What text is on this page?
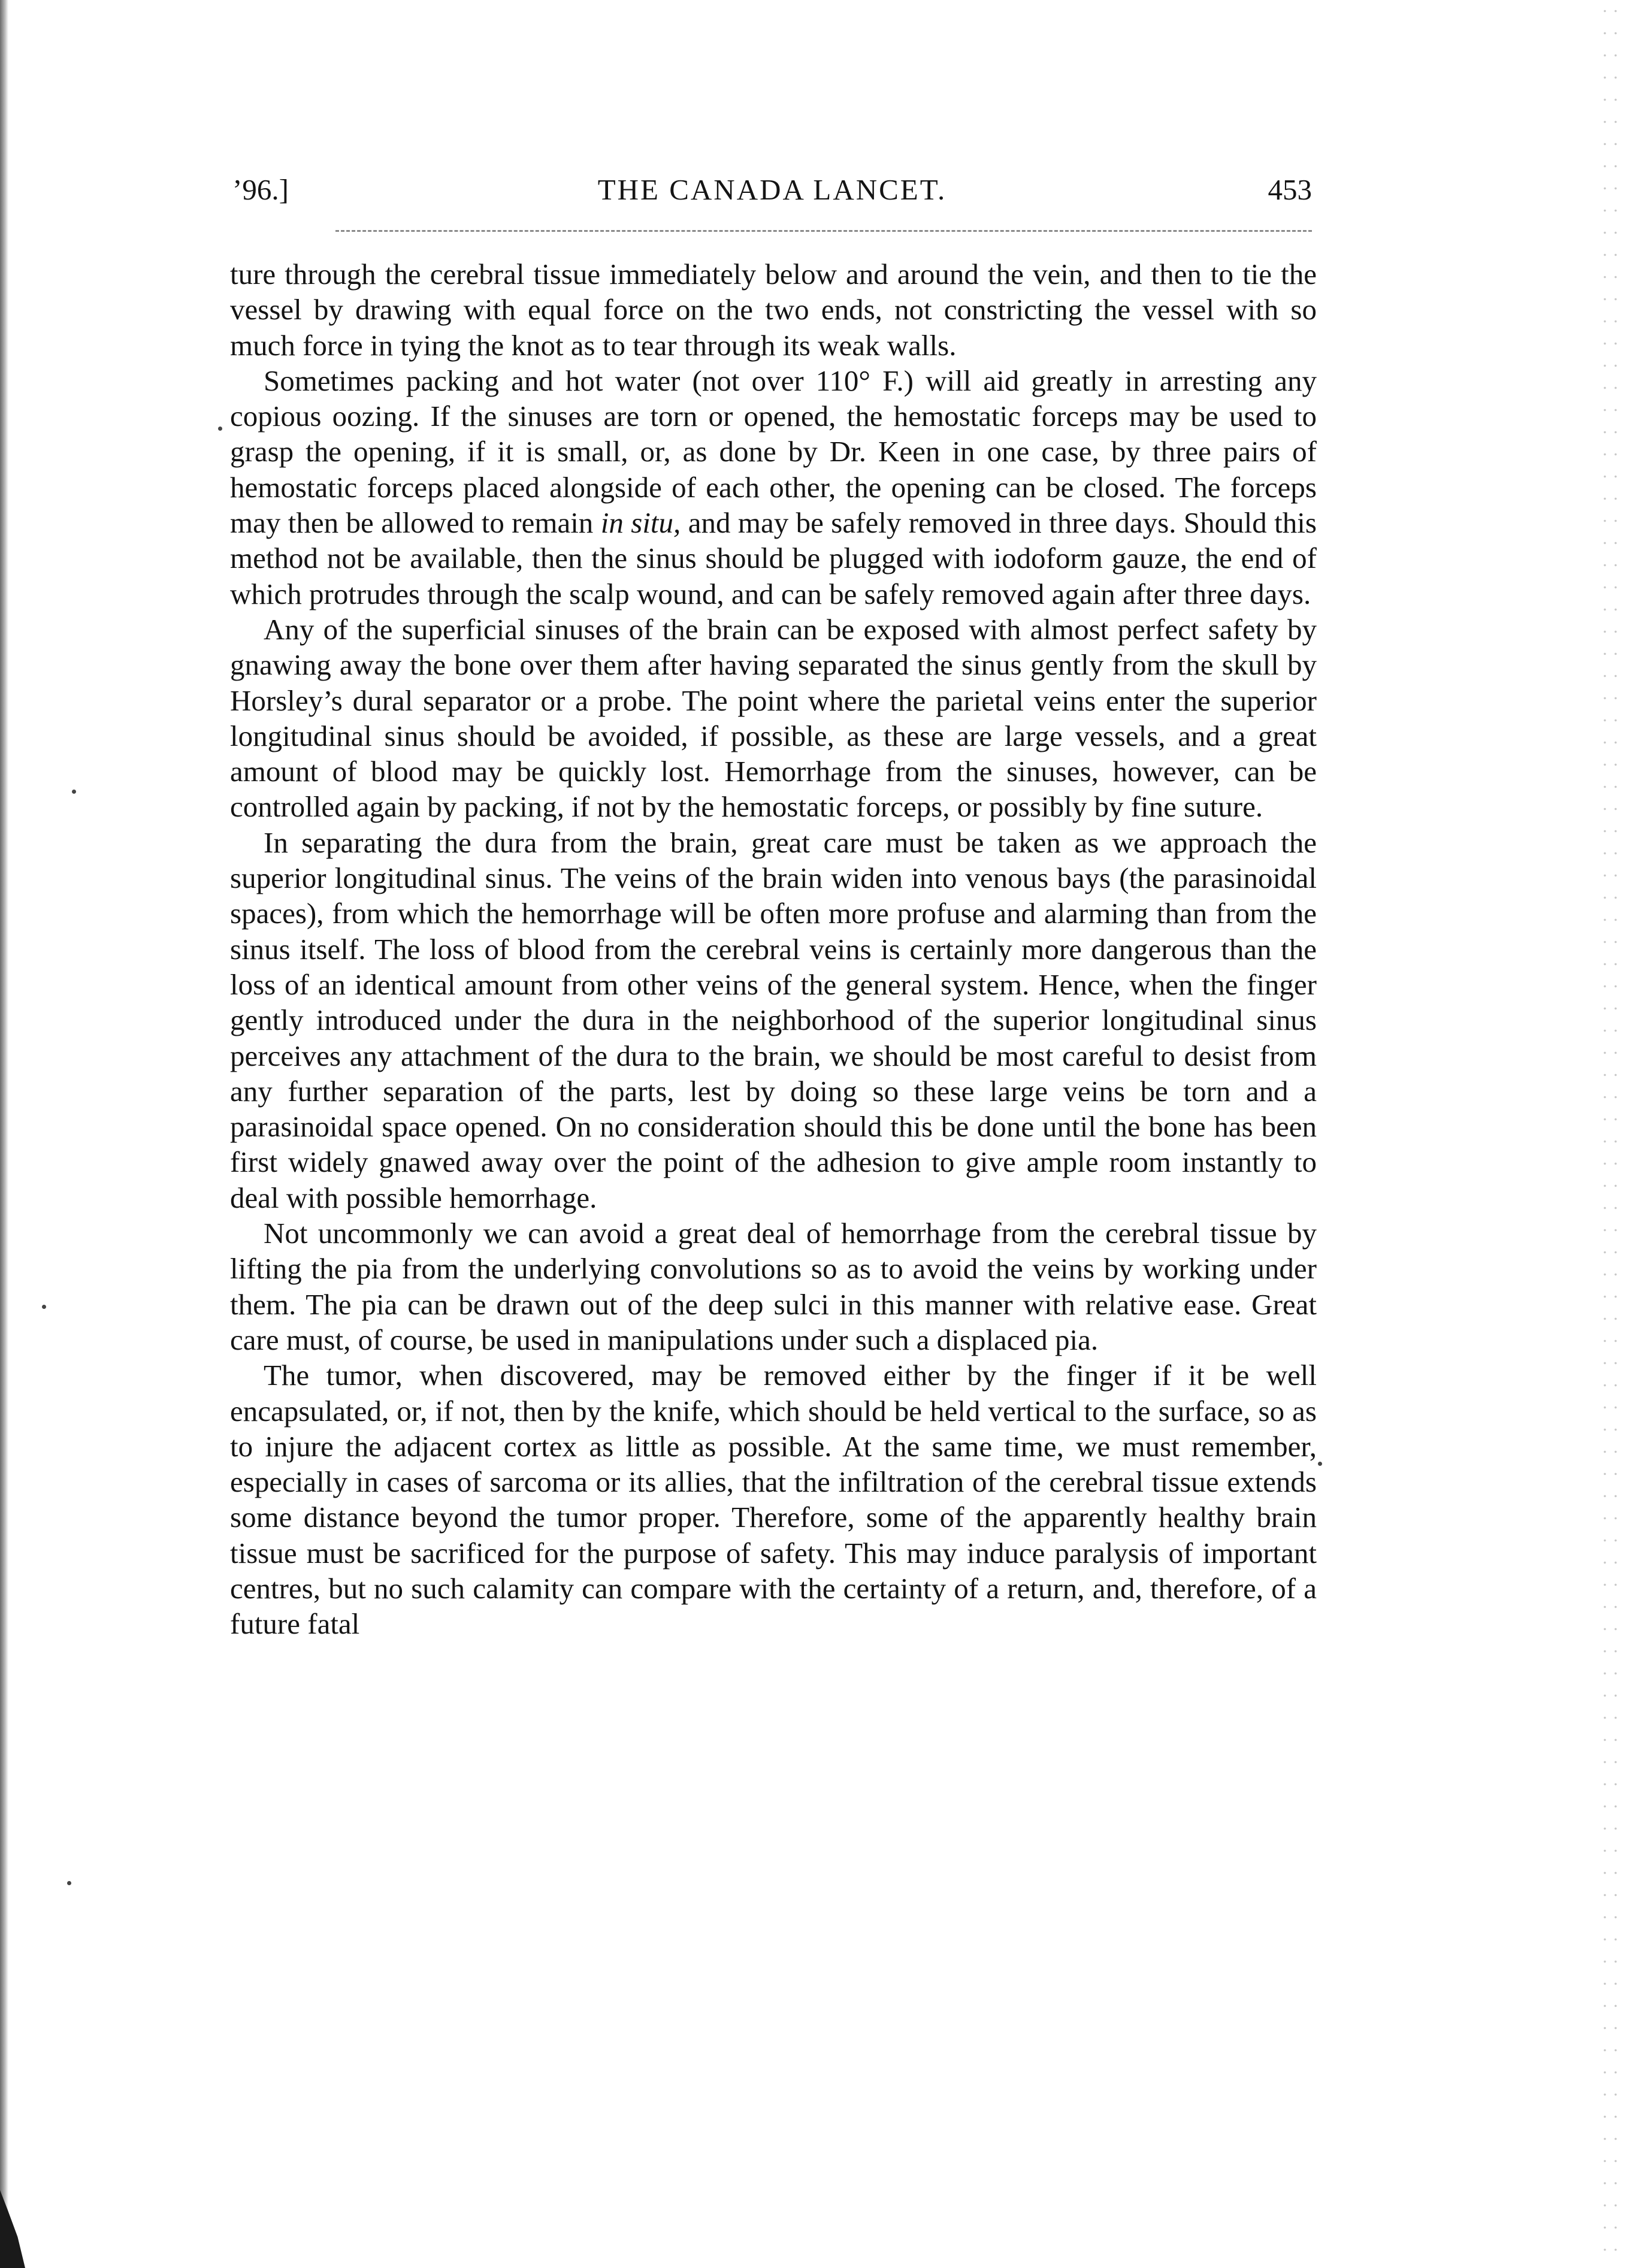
’96.]	THE CANADA LANCET.	453

ture through the cerebral tissue immediately below and around the vein, and then to tie the vessel by drawing with equal force on the two ends, not constricting the vessel with so much force in tying the knot as to tear through its weak walls.

Sometimes packing and hot water (not over 110° F.) will aid greatly in arresting any copious oozing. If the sinuses are torn or opened, the hemostatic forceps may be used to grasp the opening, if it is small, or, as done by Dr. Keen in one case, by three pairs of hemostatic forceps placed alongside of each other, the opening can be closed. The forceps may then be allowed to remain in situ, and may be safely removed in three days. Should this method not be available, then the sinus should be plugged with iodoform gauze, the end of which protrudes through the scalp wound, and can be safely removed again after three days.

Any of the superficial sinuses of the brain can be exposed with almost perfect safety by gnawing away the bone over them after having separated the sinus gently from the skull by Horsley’s dural separator or a probe. The point where the parietal veins enter the superior longitudinal sinus should be avoided, if possible, as these are large vessels, and a great amount of blood may be quickly lost. Hemorrhage from the sinuses, however, can be controlled again by packing, if not by the hemostatic forceps, or possibly by fine suture.

In separating the dura from the brain, great care must be taken as we approach the superior longitudinal sinus. The veins of the brain widen into venous bays (the parasinoidal spaces), from which the hemorrhage will be often more profuse and alarming than from the sinus itself. The loss of blood from the cerebral veins is certainly more dangerous than the loss of an identical amount from other veins of the general system. Hence, when the finger gently introduced under the dura in the neighborhood of the superior longitudinal sinus perceives any attachment of the dura to the brain, we should be most careful to desist from any further separation of the parts, lest by doing so these large veins be torn and a parasinoidal space opened. On no consideration should this be done until the bone has been first widely gnawed away over the point of the adhesion to give ample room instantly to deal with possible hemorrhage.

Not uncommonly we can avoid a great deal of hemorrhage from the cerebral tissue by lifting the pia from the underlying convolutions so as to avoid the veins by working under them. The pia can be drawn out of the deep sulci in this manner with relative ease. Great care must, of course, be used in manipulations under such a displaced pia.

The tumor, when discovered, may be removed either by the finger if it be well encapsulated, or, if not, then by the knife, which should be held vertical to the surface, so as to injure the adjacent cortex as little as possible. At the same time, we must remember, especially in cases of sarcoma or its allies, that the infiltration of the cerebral tissue extends some distance beyond the tumor proper. Therefore, some of the apparently healthy brain tissue must be sacrificed for the purpose of safety. This may induce paralysis of important centres, but no such calamity can compare with the certainty of a return, and, therefore, of a future fatal
